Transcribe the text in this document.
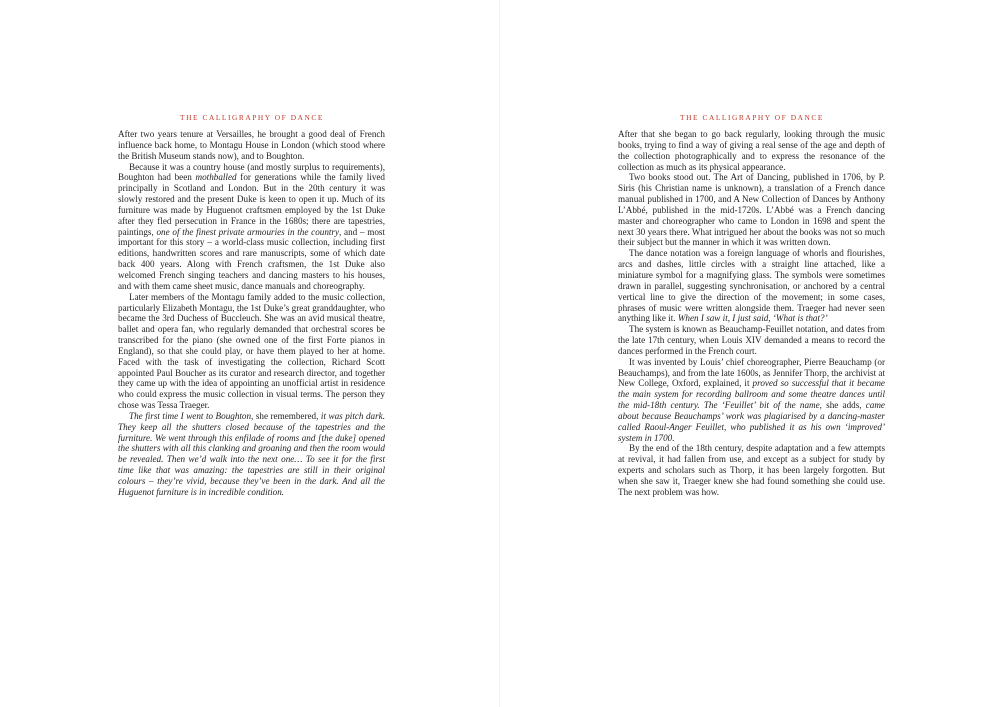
THE CALLIGRAPHY OF DANCE

After two years tenure at Versailles, he brought a good deal of French influence back home, to Montagu House in London (which stood where the British Museum stands now), and to Boughton.

Because it was a country house (and mostly surplus to requirements), Boughton had been mothballed for generations while the family lived principally in Scotland and London. But in the 20th century it was slowly restored and the present Duke is keen to open it up. Much of its furniture was made by Huguenot craftsmen employed by the 1st Duke after they fled persecution in France in the 1680s; there are tapestries, paintings, one of the finest private armouries in the country, and – most important for this story – a world-class music collection, including first editions, handwritten scores and rare manuscripts, some of which date back 400 years. Along with French craftsmen, the 1st Duke also welcomed French singing teachers and dancing masters to his houses, and with them came sheet music, dance manuals and choreography.

Later members of the Montagu family added to the music collection, particularly Elizabeth Montagu, the 1st Duke’s great granddaughter, who became the 3rd Duchess of Buccleuch. She was an avid musical theatre, ballet and opera fan, who regularly demanded that orchestral scores be transcribed for the piano (she owned one of the first Forte pianos in England), so that she could play, or have them played to her at home. Faced with the task of investigating the collection, Richard Scott appointed Paul Boucher as its curator and research director, and together they came up with the idea of appointing an unofficial artist in residence who could express the music collection in visual terms. The person they chose was Tessa Traeger.

The first time I went to Boughton, she remembered, it was pitch dark. They keep all the shutters closed because of the tapestries and the furniture. We went through this enfilade of rooms and [the duke] opened the shutters with all this clanking and groaning and then the room would be revealed. Then we’d walk into the next one… To see it for the first time like that was amazing: the tapestries are still in their original colours – they’re vivid, because they’ve been in the dark. And all the Huguenot furniture is in incredible condition.

THE CALLIGRAPHY OF DANCE

After that she began to go back regularly, looking through the music books, trying to find a way of giving a real sense of the age and depth of the collection photographically and to express the resonance of the collection as much as its physical appearance.

Two books stood out. The Art of Dancing, published in 1706, by P. Siris (his Christian name is unknown), a translation of a French dance manual published in 1700, and A New Collection of Dances by Anthony L’Abbé, published in the mid-1720s. L’Abbé was a French dancing master and choreographer who came to London in 1698 and spent the next 30 years there. What intrigued her about the books was not so much their subject but the manner in which it was written down.

The dance notation was a foreign language of whorls and flourishes, arcs and dashes, little circles with a straight line attached, like a miniature symbol for a magnifying glass. The symbols were sometimes drawn in parallel, suggesting synchronisation, or anchored by a central vertical line to give the direction of the movement; in some cases, phrases of music were written alongside them. Traeger had never seen anything like it. When I saw it, I just said, ‘What is that?’

The system is known as Beauchamp-Feuillet notation, and dates from the late 17th century, when Louis XIV demanded a means to record the dances performed in the French court.

It was invented by Louis’ chief choreographer, Pierre Beauchamp (or Beauchamps), and from the late 1600s, as Jennifer Thorp, the archivist at New College, Oxford, explained, it proved so successful that it became the main system for recording ballroom and some theatre dances until the mid-18th century. The ‘Feuillet’ bit of the name, she adds, came about because Beauchamps’ work was plagiarised by a dancing-master called Raoul-Anger Feuillet, who published it as his own ‘improved’ system in 1700.

By the end of the 18th century, despite adaptation and a few attempts at revival, it had fallen from use, and except as a subject for study by experts and scholars such as Thorp, it has been largely forgotten. But when she saw it, Traeger knew she had found something she could use. The next problem was how.
